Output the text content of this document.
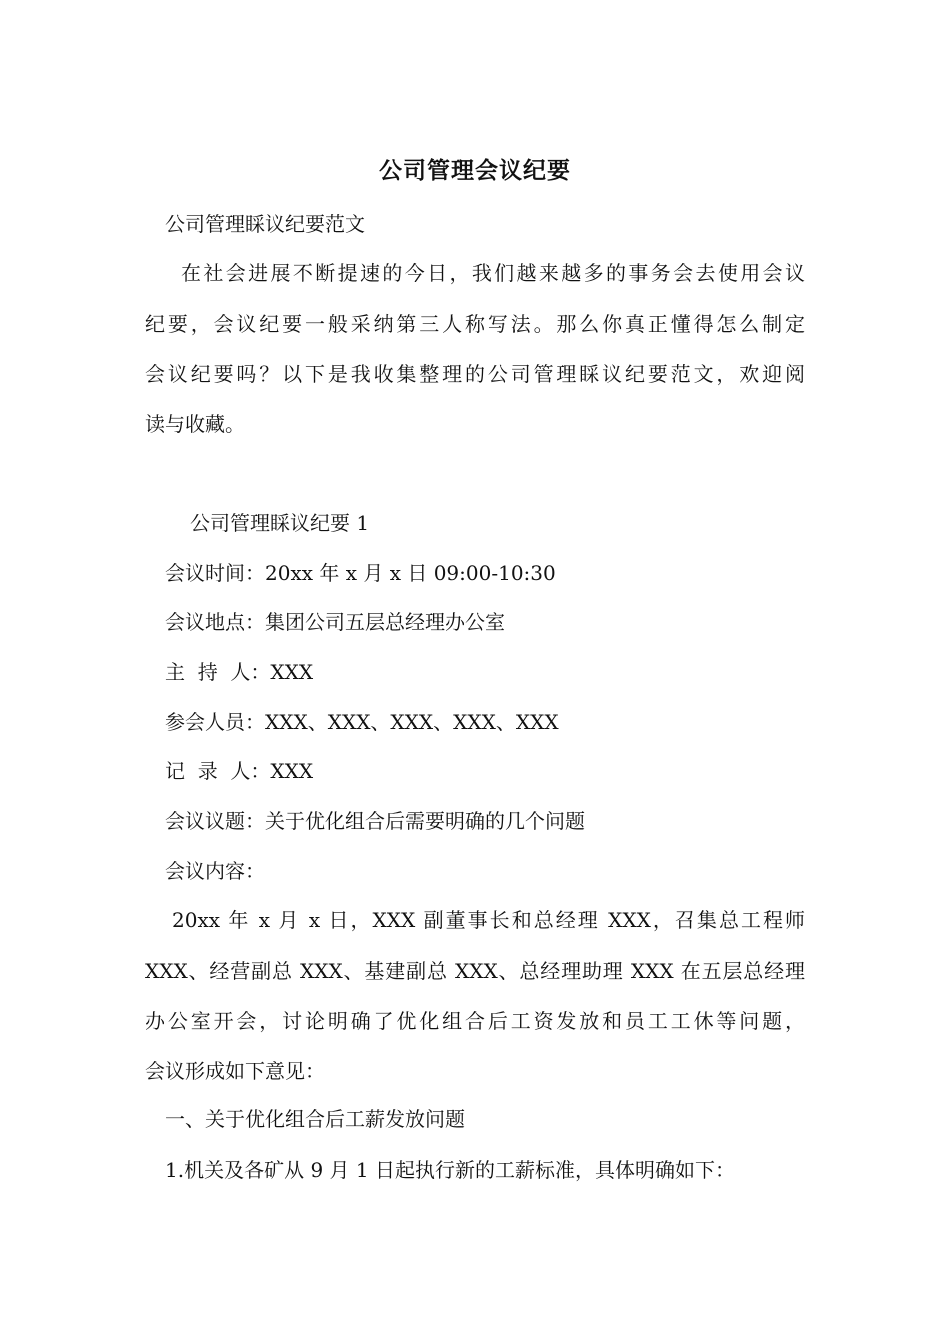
公司管理会议纪要
公司管理睬议纪要范文
在社会进展不断提速的今日，我们越来越多的事务会去使用会议
纪要，会议纪要一般采纳第三人称写法。那么你真正懂得怎么制定
会议纪要吗？以下是我收集整理的公司管理睬议纪要范文，欢迎阅
读与收藏。
公司管理睬议纪要 1
会议时间：20xx 年 x 月 x 日 09:00-10:30
会议地点：集团公司五层总经理办公室
主  持  人：XXX
参会人员：XXX、XXX、XXX、XXX、XXX
记  录  人：XXX
会议议题：关于优化组合后需要明确的几个问题
会议内容：
20xx 年 x 月 x 日，XXX 副董事长和总经理 XXX，召集总工程师
XXX、经营副总 XXX、基建副总 XXX、总经理助理 XXX 在五层总经理
办公室开会，讨论明确了优化组合后工资发放和员工工休等问题，
会议形成如下意见：
一、关于优化组合后工薪发放问题
1.机关及各矿从 9 月 1 日起执行新的工薪标准，具体明确如下：
